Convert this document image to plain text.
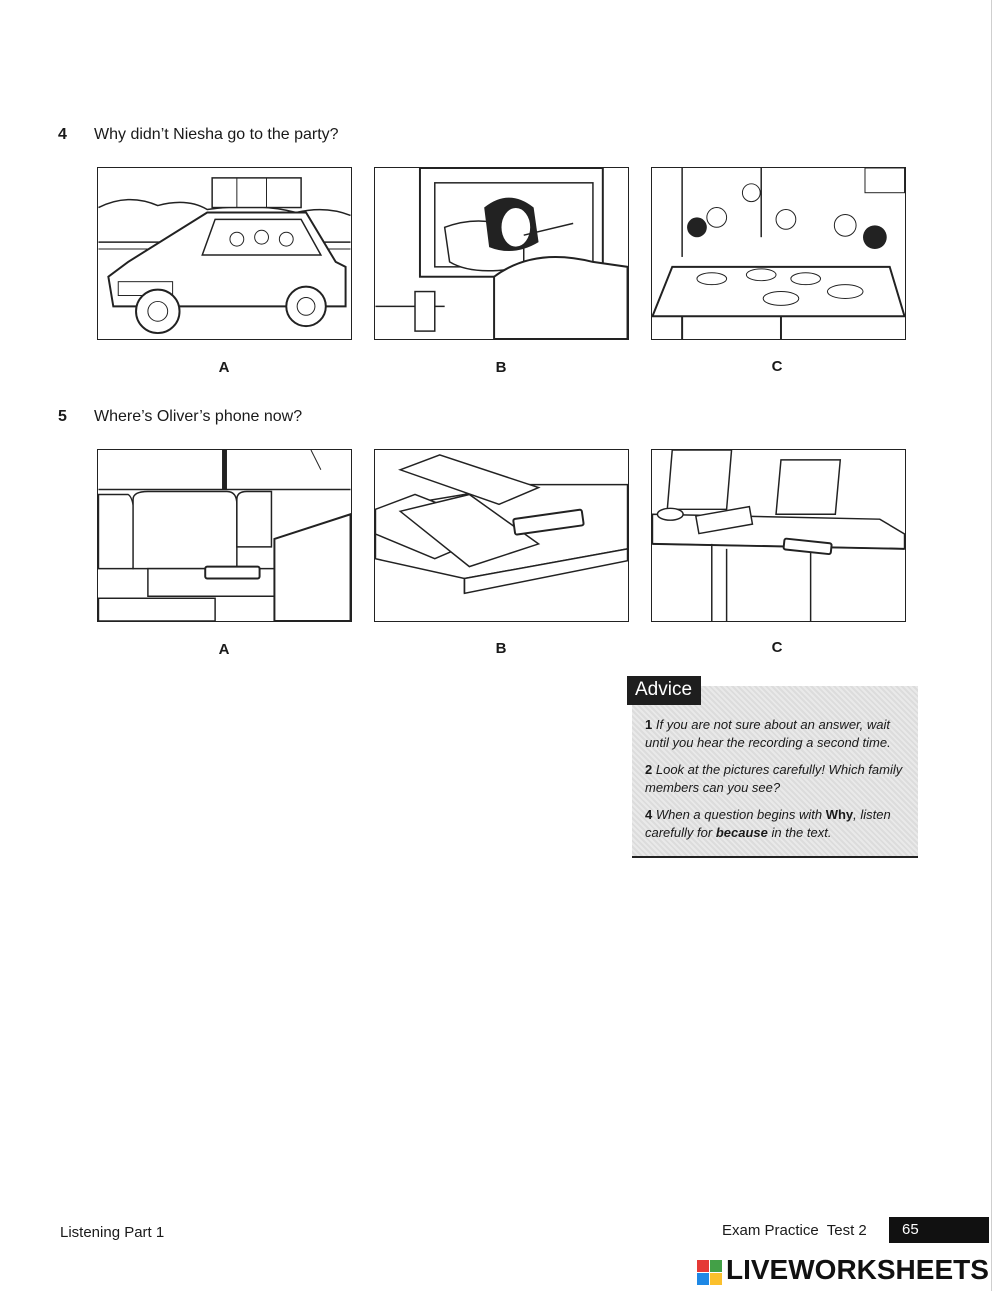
4 Why didn’t Niesha go to the party?
A	B	C
5 Where’s Oliver’s phone now?
A	B	C
Advice
1 If you are not sure about an answer, wait until you hear the recording a second time.
2 Look at the pictures carefully! Which family members can you see?
4 When a question begins with Why, listen carefully for because in the text.
Listening Part 1	Exam Practice  Test 2	65
LIVEWORKSHEETS
